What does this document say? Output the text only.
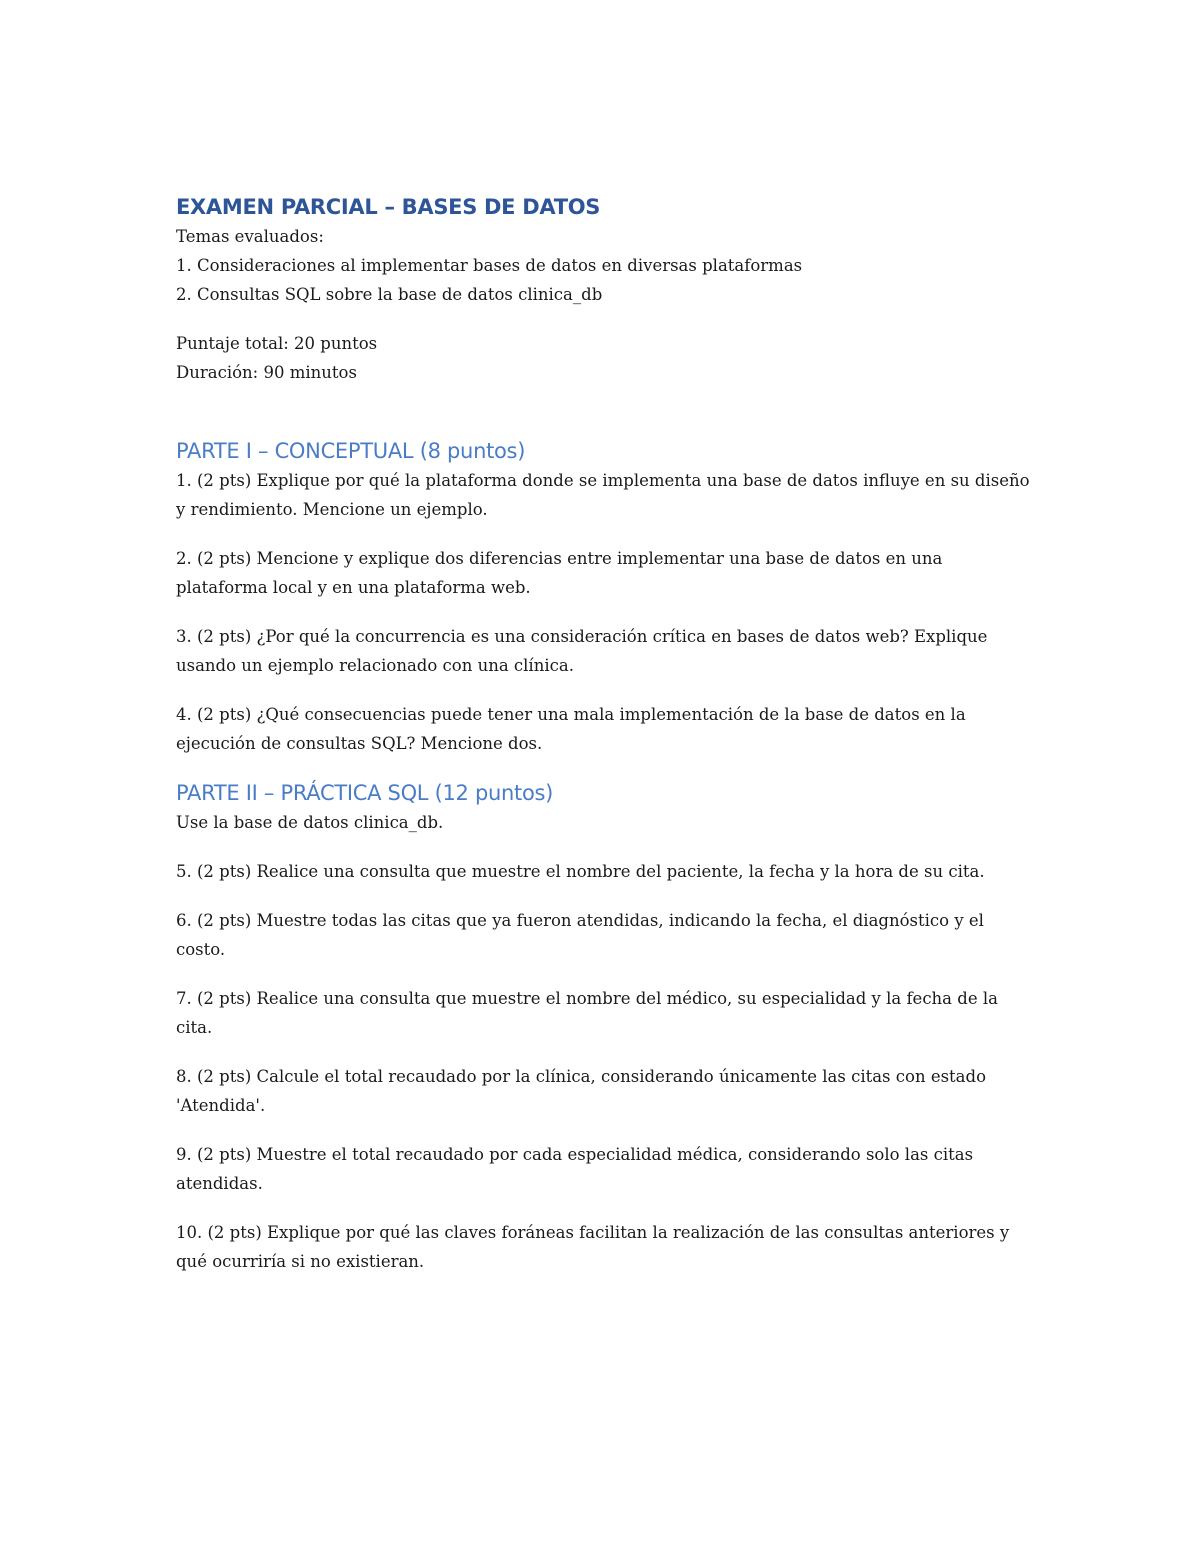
EXAMEN PARCIAL – BASES DE DATOS

Temas evaluados:

1. Consideraciones al implementar bases de datos en diversas plataformas

2. Consultas SQL sobre la base de datos clinica_db

Puntaje total: 20 puntos

Duración: 90 minutos

PARTE I – CONCEPTUAL (8 puntos)

1. (2 pts) Explique por qué la plataforma donde se implementa una base de datos influye en su diseño y rendimiento. Mencione un ejemplo.

2. (2 pts) Mencione y explique dos diferencias entre implementar una base de datos en una plataforma local y en una plataforma web.

3. (2 pts) ¿Por qué la concurrencia es una consideración crítica en bases de datos web? Explique usando un ejemplo relacionado con una clínica.

4. (2 pts) ¿Qué consecuencias puede tener una mala implementación de la base de datos en la ejecución de consultas SQL? Mencione dos.

PARTE II – PRÁCTICA SQL (12 puntos)

Use la base de datos clinica_db.

5. (2 pts) Realice una consulta que muestre el nombre del paciente, la fecha y la hora de su cita.

6. (2 pts) Muestre todas las citas que ya fueron atendidas, indicando la fecha, el diagnóstico y el costo.

7. (2 pts) Realice una consulta que muestre el nombre del médico, su especialidad y la fecha de la cita.

8. (2 pts) Calcule el total recaudado por la clínica, considerando únicamente las citas con estado 'Atendida'.

9. (2 pts) Muestre el total recaudado por cada especialidad médica, considerando solo las citas atendidas.

10. (2 pts) Explique por qué las claves foráneas facilitan la realización de las consultas anteriores y qué ocurriría si no existieran.
